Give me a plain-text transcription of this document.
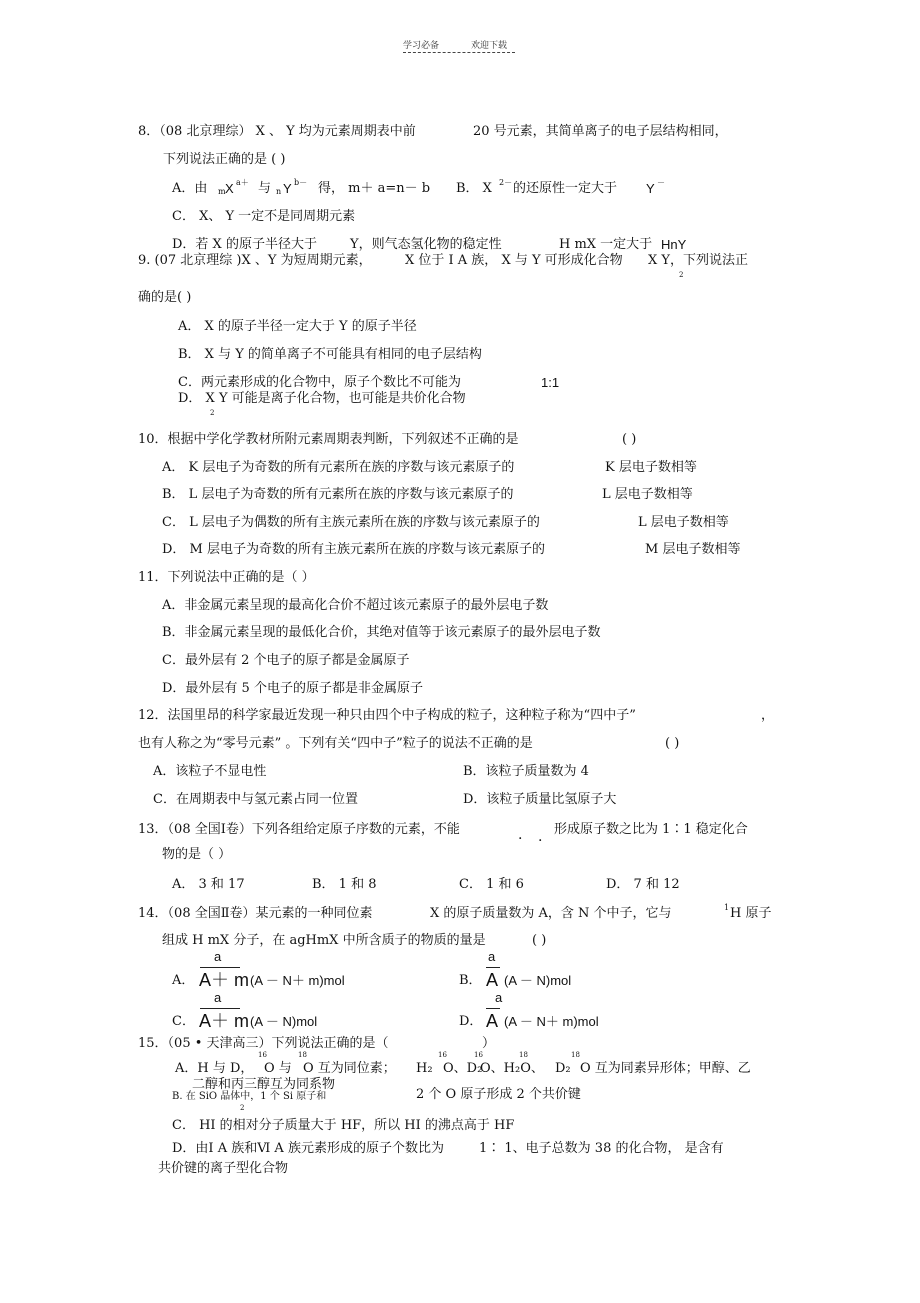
学习必备	欢迎下载
8．（08 北京理综） X 、 Y 均为元素周期表中前	20 号元素，其简单离子的电子层结构相同，
下列说法正确的是 ( )
A．由 m X a＋ 与 n Y b－ 得， m＋ a=n－ b B． X 2－ 的还原性一定大于 Y －
C． X、 Y 一定不是同周期元素
D．若 X 的原子半径大于	Y，则气态氢化物的稳定性	H mX 一定大于 HnY
9. (07 北京理综 )X 、Y 为短周期元素，	X 位于 I A 族， X 与 Y 可形成化合物 X Y，下列说法正
2
确的是( )
A． X 的原子半径一定大于 Y 的原子半径
B． X 与 Y 的简单离子不可能具有相同的电子层结构
C．两元素形成的化合物中，原子个数比不可能为	1:1
D． X Y 可能是离子化合物，也可能是共价化合物
2
10．根据中学化学教材所附元素周期表判断，下列叙述不正确的是	( )
A． K 层电子为奇数的所有元素所在族的序数与该元素原子的	K 层电子数相等
B． L 层电子为奇数的所有元素所在族的序数与该元素原子的	L 层电子数相等
C． L 层电子为偶数的所有主族元素所在族的序数与该元素原子的	L 层电子数相等
D． M 层电子为奇数的所有主族元素所在族的序数与该元素原子的	M 层电子数相等
11．下列说法中正确的是（ ）
A．非金属元素呈现的最高化合价不超过该元素原子的最外层电子数
B．非金属元素呈现的最低化合价，其绝对值等于该元素原子的最外层电子数
C．最外层有 2 个电子的原子都是金属原子
D．最外层有 5 个电子的原子都是非金属原子
12．法国里昂的科学家最近发现一种只由四个中子构成的粒子，这种粒子称为“四中子”	，
也有人称之为“零号元素” 。下列有关“四中子”粒子的说法不正确的是	( )
A．该粒子不显电性	B．该粒子质量数为 4
C．在周期表中与氢元素占同一位置	D．该粒子质量比氢原子大
13．（08 全国Ⅰ卷）下列各组给定原子序数的元素，不能	. . 形成原子数之比为 1∶1 稳定化合
物的是（ ）
A． 3 和 17	B． 1 和 8	C． 1 和 6	D． 7 和 12
14．（08 全国Ⅱ卷）某元素的一种同位素	X 的原子质量数为 A，含 N 个中子，它与	1 H 原子
组成 H mX 分子，在 agHmX 中所含质子的物质的量是	( )
A．
a
A＋ m (A － N＋ m)mol	B．
a
A (A － N)mol
C．
a
A＋ m (A － N)mol	D．
a
A (A － N＋ m)mol
15．（05 • 天津高三）下列说法正确的是（	）
16	18	16	16	18	18
A．H 与 D， O 与 O 互为同位素； H₂ O、D₂
O、H₂O、 D₂ O 互为同素异形体；甲醇、乙
二醇和丙三醇互为同系物
B. 在 SiO 晶体中，1 个 Si 原子和
2
2 个 O 原子形成 2 个共价键
C． HI 的相对分子质量大于 HF，所以 HI 的沸点高于 HF
D．由Ⅰ A 族和Ⅵ A 族元素形成的原子个数比为	1∶ 1、电子总数为 38 的化合物， 是含有
共价键的离子型化合物
